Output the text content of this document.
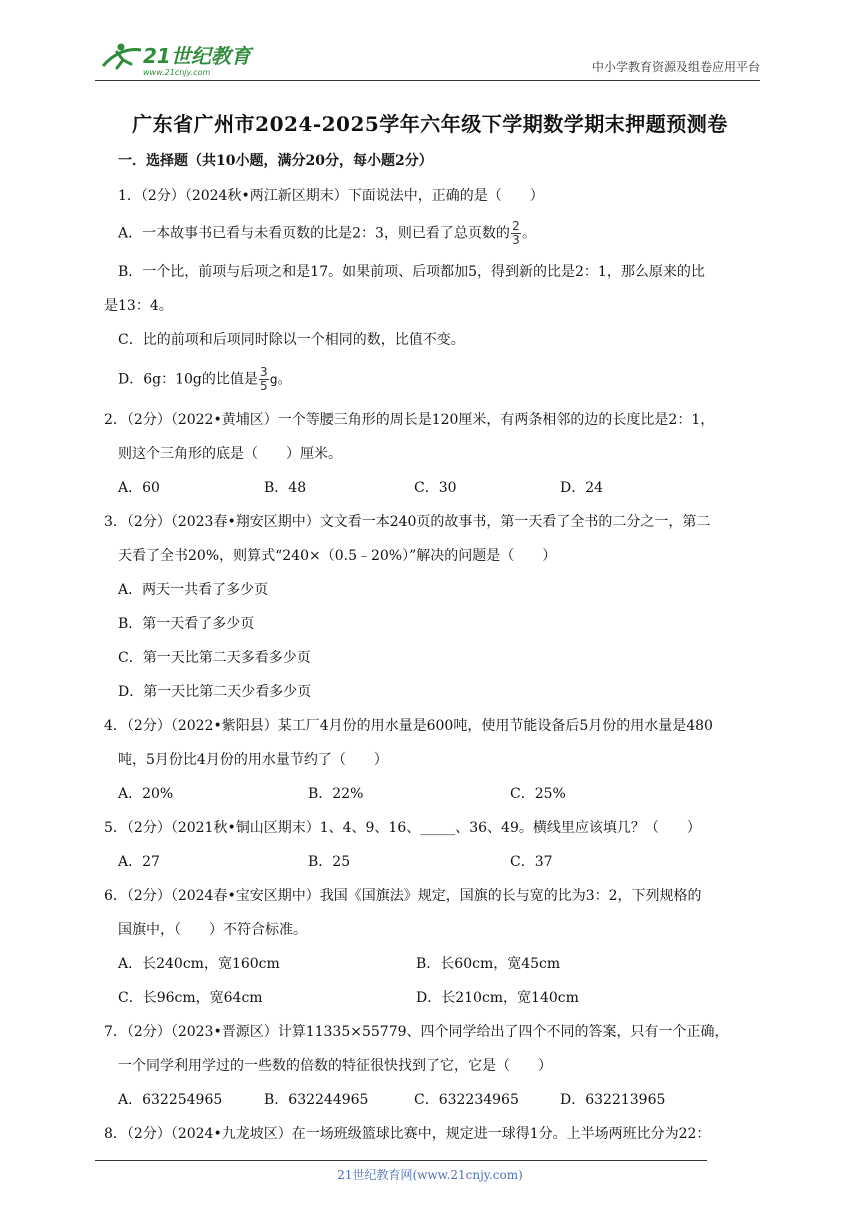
21世纪教育
www.21cnjy.com	中小学教育资源及组卷应用平台
广东省广州市2024-2025学年六年级下学期数学期末押题预测卷
一．选择题（共10小题，满分20分，每小题2分）
1．（2分）（2024秋•两江新区期末）下面说法中，正确的是（　　）
A．一本故事书已看与未看页数的比是2：3，则已看了总页数的 $\frac{2}{3}$ 。
B．一个比，前项与后项之和是17。如果前项、后项都加5，得到新的比是2：1，那么原来的比
是13：4。
C．比的前项和后项同时除以一个相同的数，比值不变。
D．6g：10g的比值是 $\frac{3}{5}$ g。
2．（2分）（2022•黄埔区）一个等腰三角形的周长是120厘米，有两条相邻的边的长度比是2：1，
则这个三角形的底是（　　）厘米。
A．60	B．48	C．30	D．24
3．（2分）（2023春•翔安区期中）文文看一本240页的故事书，第一天看了全书的二分之一，第二
天看了全书20%，则算式“240×（0.5﹣20%）”解决的问题是（　　）
A．两天一共看了多少页
B．第一天看了多少页
C．第一天比第二天多看多少页
D．第一天比第二天少看多少页
4．（2分）（2022•紫阳县）某工厂4月份的用水量是600吨，使用节能设备后5月份的用水量是480
吨，5月份比4月份的用水量节约了（　　）
A．20%	B．22%	C．25%
5．（2分）（2021秋•铜山区期末）1、4、9、16、_____、36、49。横线里应该填几？（　　）
A．27	B．25	C．37
6．（2分）（2024春•宝安区期中）我国《国旗法》规定，国旗的长与宽的比为3：2，下列规格的
国旗中，（　　）不符合标准。
A．长240cm，宽160cm	B．长60cm，宽45cm
C．长96cm，宽64cm	D．长210cm，宽140cm
7．（2分）（2023•晋源区）计算11335×55779、四个同学给出了四个不同的答案，只有一个正确，
一个同学利用学过的一些数的倍数的特征很快找到了它，它是（　　）
A．632254965	B．632244965	C．632234965	D．632213965
8．（2分）（2024•九龙坡区）在一场班级篮球比赛中，规定进一球得1分。上半场两班比分为22：
21世纪教育网(www.21cnjy.com)
